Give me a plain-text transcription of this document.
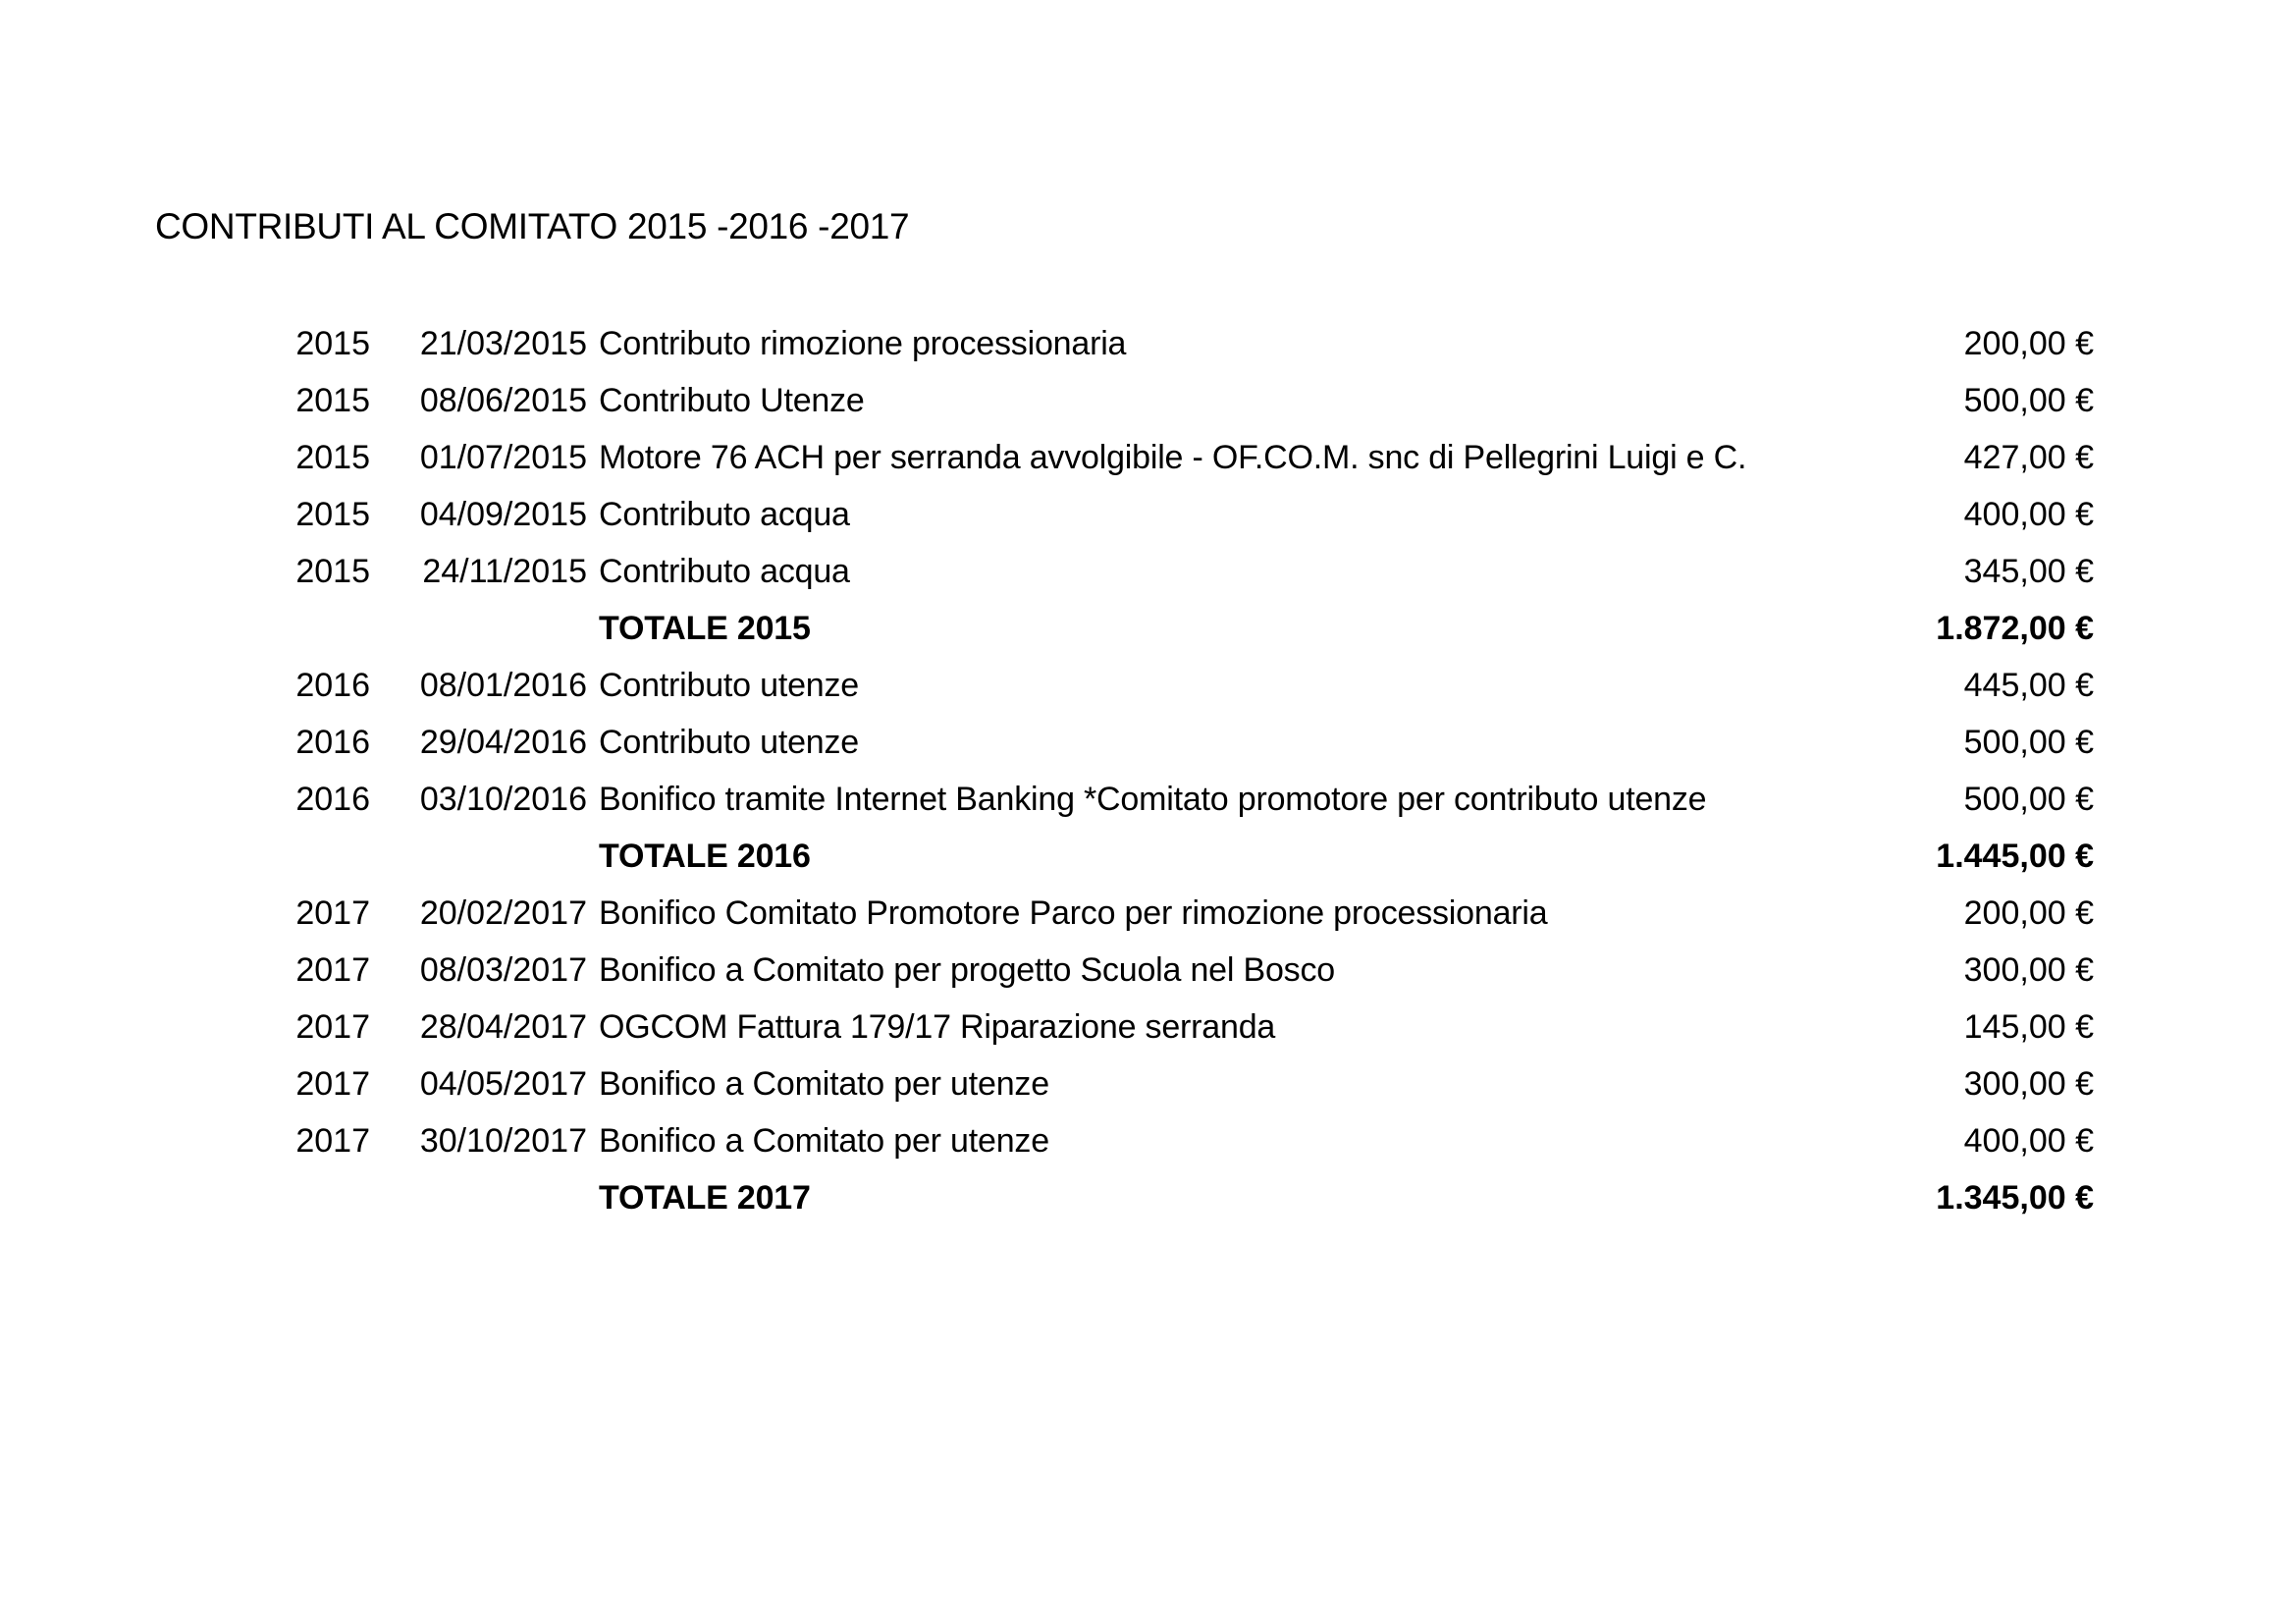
CONTRIBUTI AL COMITATO 2015 -2016 -2017
2015 21/03/2015 Contributo rimozione processionaria	200,00 €
2015 08/06/2015 Contributo Utenze	500,00 €
2015 01/07/2015 Motore 76 ACH per serranda avvolgibile - OF.CO.M. snc di Pellegrini Luigi e C.	427,00 €
2015 04/09/2015 Contributo acqua	400,00 €
2015 24/11/2015 Contributo acqua	345,00 €
TOTALE 2015	1.872,00 €
2016 08/01/2016 Contributo utenze	445,00 €
2016 29/04/2016 Contributo utenze	500,00 €
2016 03/10/2016 Bonifico tramite Internet Banking *Comitato promotore per contributo utenze	500,00 €
TOTALE 2016	1.445,00 €
2017 20/02/2017 Bonifico Comitato Promotore Parco per rimozione processionaria	200,00 €
2017 08/03/2017 Bonifico a Comitato per progetto Scuola nel Bosco	300,00 €
2017 28/04/2017 OGCOM Fattura 179/17 Riparazione serranda	145,00 €
2017 04/05/2017 Bonifico a Comitato per utenze	300,00 €
2017 30/10/2017 Bonifico a Comitato per utenze	400,00 €
TOTALE 2017	1.345,00 €
